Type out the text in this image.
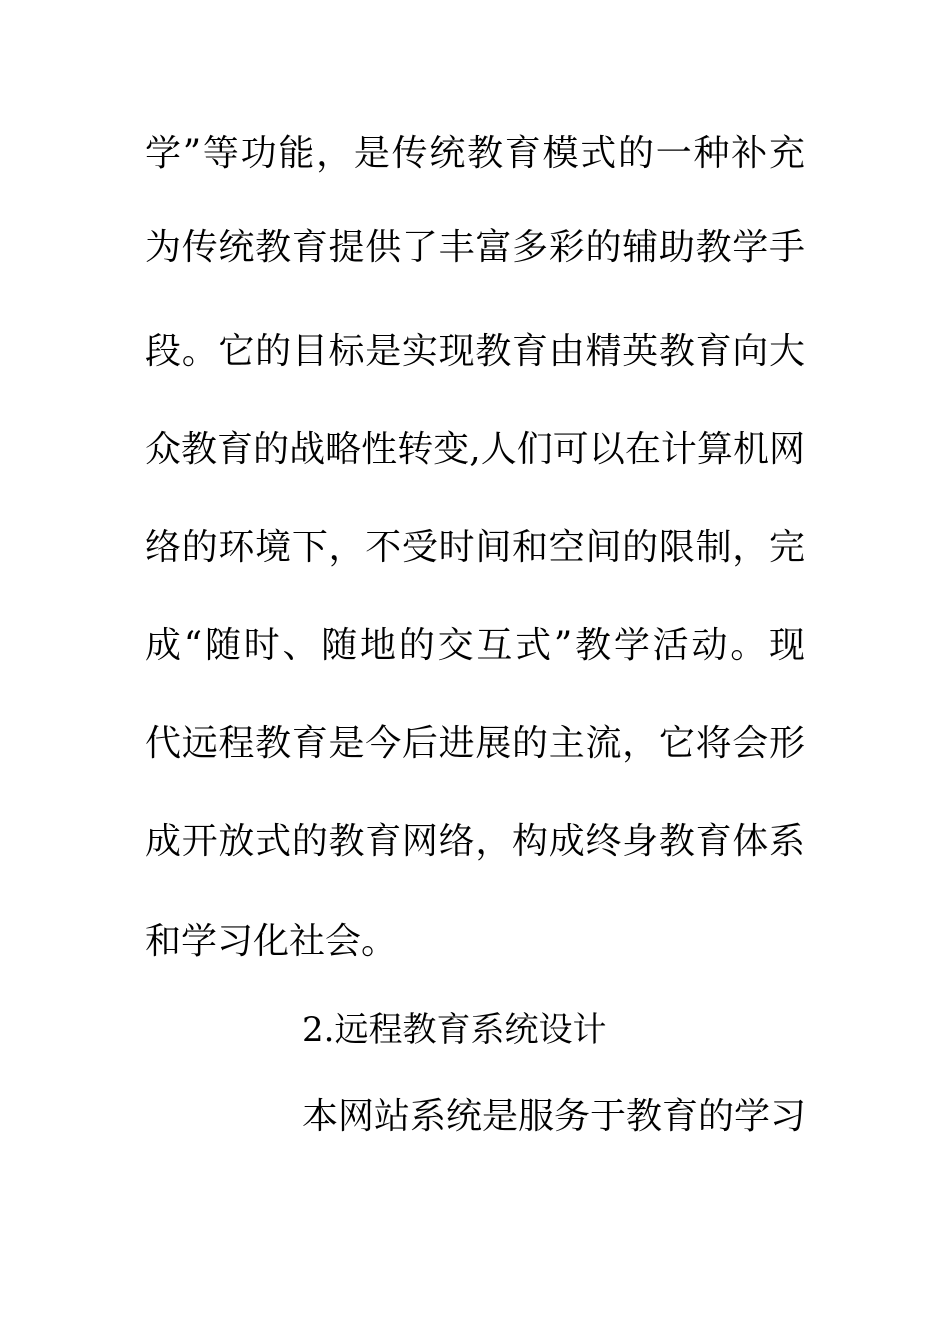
学”等功能，是传统教育模式的一种补充
为传统教育提供了丰富多彩的辅助教学手
段。它的目标是实现教育由精英教育向大
众教育的战略性转变,人们可以在计算机网
络的环境下，不受时间和空间的限制，完
成“随时、随地的交互式”教学活动。现
代远程教育是今后进展的主流，它将会形
成开放式的教育网络，构成终身教育体系
和学习化社会。
2.远程教育系统设计
本网站系统是服务于教育的学习
